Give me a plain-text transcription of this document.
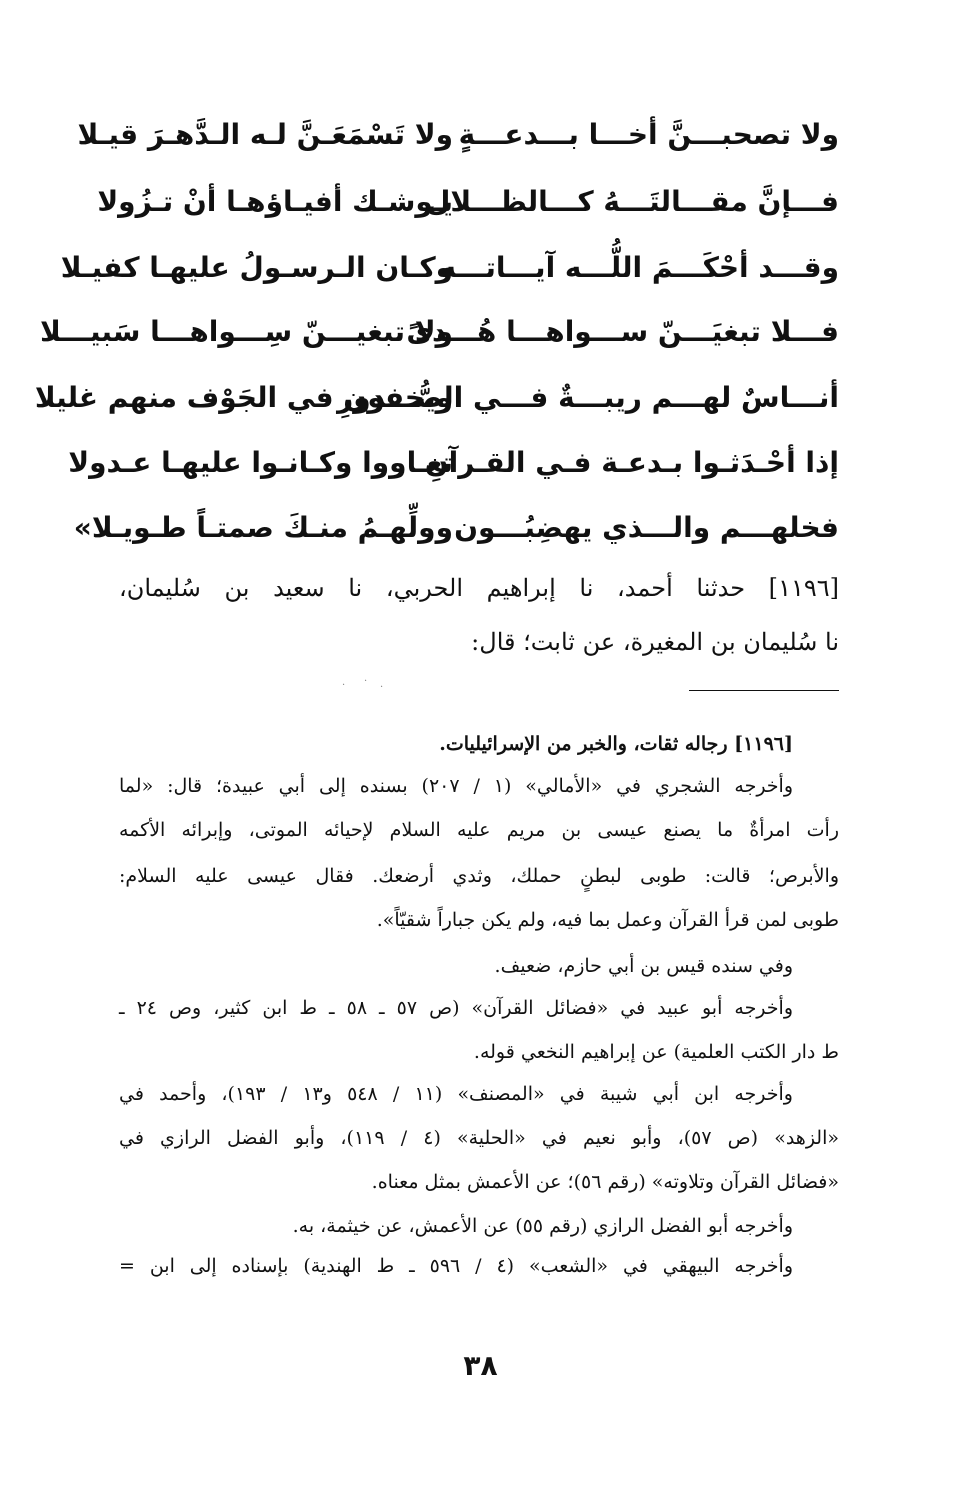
ولا تصحبـــنَّ أخـــا بـــدعـــةٍ
ولا تَسْمَعَـنَّ لـه الـدَّهـرَ قيـلا
فـــإنَّ مقـــالتَـــهُ كـــالظـــلال
يـوشـك أفيـاؤهـا أنْ تـزُولا
وقـــد أحْكَـــمَ اللُّـــه آيـــاتـــه
وكـان الـرسـولُ عليهـا كفيـلا
فـــلا تبغيَـــنّ ســـواهـــا هُـــدىً
ولا تبغيـــنّ سِـــواهـــا سَبيـــلا
أنـــاسٌ لهـــم ريبـــةٌ فـــي الصُّـــدورِ
ويخفون في الجَوْف منهم غليلا
إذا أحْـدَثـوا بـدعـة فـي القـرآنِ
تعـاووا وكـانـوا عليهـا عـدولا
فخلهـــم والـــذي يهضِبُـــون
وولِّهـمُ منـكَ صمتـاً طـويـلا»
[١١٩٦] حدثنا أحمد، نا إبراهيم الحربي، نا سعيد بن سُليمان،
نا سُليمان بن المغيرة، عن ثابت؛ قال:
· ·
·
[١١٩٦] رجاله ثقات، والخبر من الإسرائيليات.
وأخرجه الشجري في «الأمالي» (١ / ٢٠٧) بسنده إلى أبي عبيدة؛ قال: «لما
رأت امرأةٌ ما يصنع عيسى بن مريم عليه السلام لإحيائه الموتى، وإبرائه الأكمه
والأبرص؛ قالت: طوبى لبطنٍ حملك، وثدي أرضعك. فقال عيسى عليه السلام:
طوبى لمن قرأ القرآن وعمل بما فيه، ولم يكن جباراً شقيّاً».
وفي سنده قيس بن أبي حازم، ضعيف.
وأخرجه أبو عبيد في «فضائل القرآن» (ص ٥٧ ـ ٥٨ ـ ط ابن كثير، وص ٢٤ ـ
ط دار الكتب العلمية) عن إبراهيم النخعي قوله.
وأخرجه ابن أبي شيبة في «المصنف» (١١ / ٥٤٨ و١٣ / ١٩٣)، وأحمد في
«الزهد» (ص ٥٧)، وأبو نعيم في «الحلية» (٤ / ١١٩)، وأبو الفضل الرازي في
«فضائل القرآن وتلاوته» (رقم ٥٦)؛ عن الأعمش بمثل معناه.
وأخرجه أبو الفضل الرازي (رقم ٥٥) عن الأعمش، عن خيثمة، به.
وأخرجه البيهقي في «الشعب» (٤ / ٥٩٦ ـ ط الهندية) بإسناده إلى ابن =
٣٨
